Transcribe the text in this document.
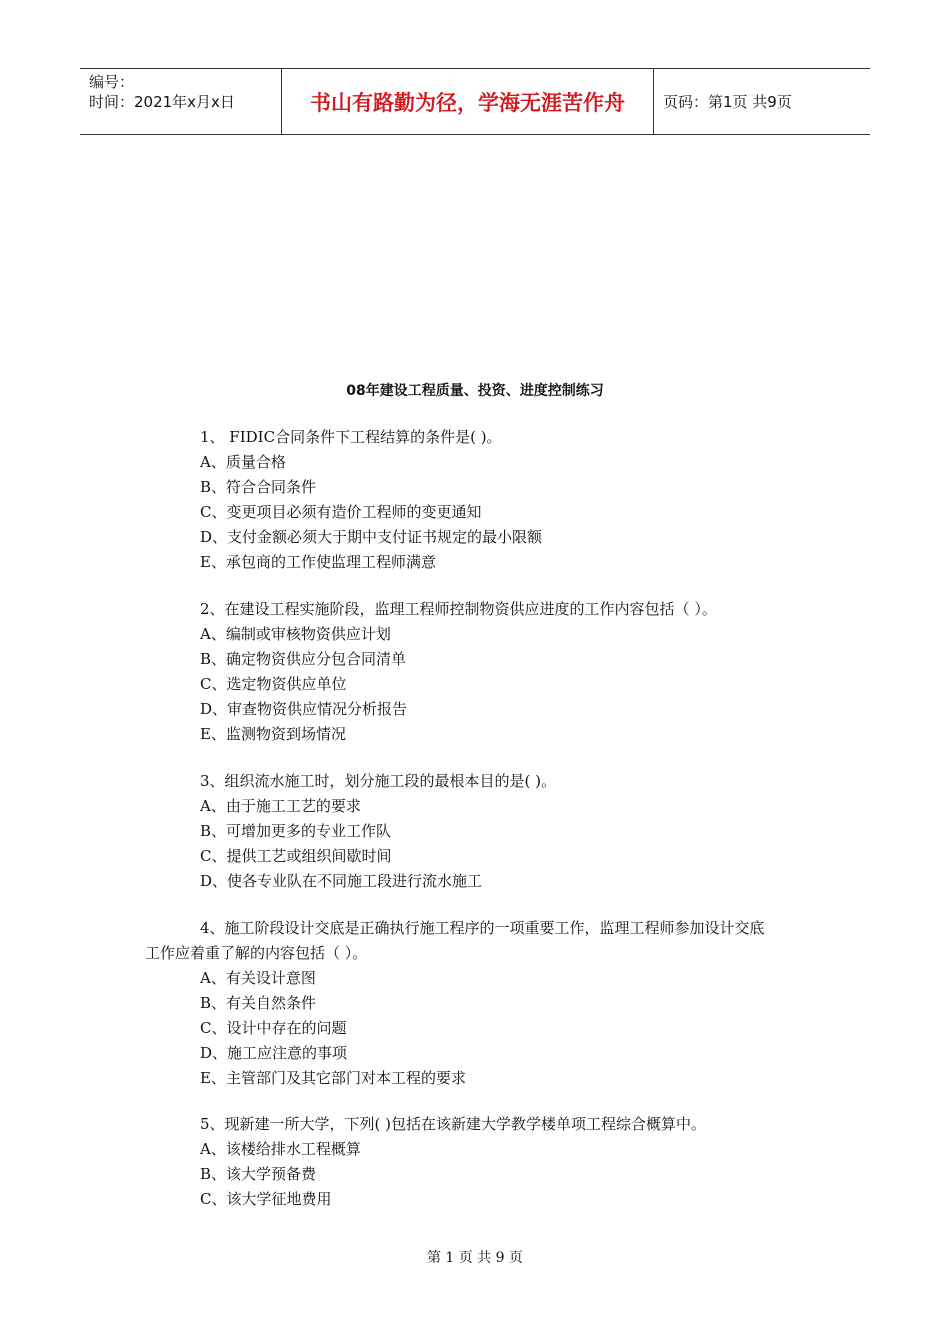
编号：
时间：2021年x月x日	书山有路勤为径，学海无涯苦作舟	页码：第1页 共9页
08年建设工程质量、投资、进度控制练习
1、 FIDIC合同条件下工程结算的条件是( )。
A、质量合格
B、符合合同条件
C、变更项目必须有造价工程师的变更通知
D、支付金额必须大于期中支付证书规定的最小限额
E、承包商的工作使监理工程师满意
2、在建设工程实施阶段，监理工程师控制物资供应进度的工作内容包括（ ）。
A、编制或审核物资供应计划
B、确定物资供应分包合同清单
C、选定物资供应单位
D、审查物资供应情况分析报告
E、监测物资到场情况
3、组织流水施工时，划分施工段的最根本目的是( )。
A、由于施工工艺的要求
B、可增加更多的专业工作队
C、提供工艺或组织间歇时间
D、使各专业队在不同施工段进行流水施工
4、施工阶段设计交底是正确执行施工程序的一项重要工作，监理工程师参加设计交底
工作应着重了解的内容包括（ ）。
A、有关设计意图
B、有关自然条件
C、设计中存在的问题
D、施工应注意的事项
E、主管部门及其它部门对本工程的要求
5、现新建一所大学，下列( )包括在该新建大学教学楼单项工程综合概算中。
A、该楼给排水工程概算
B、该大学预备费
C、该大学征地费用
第 1 页 共 9 页
